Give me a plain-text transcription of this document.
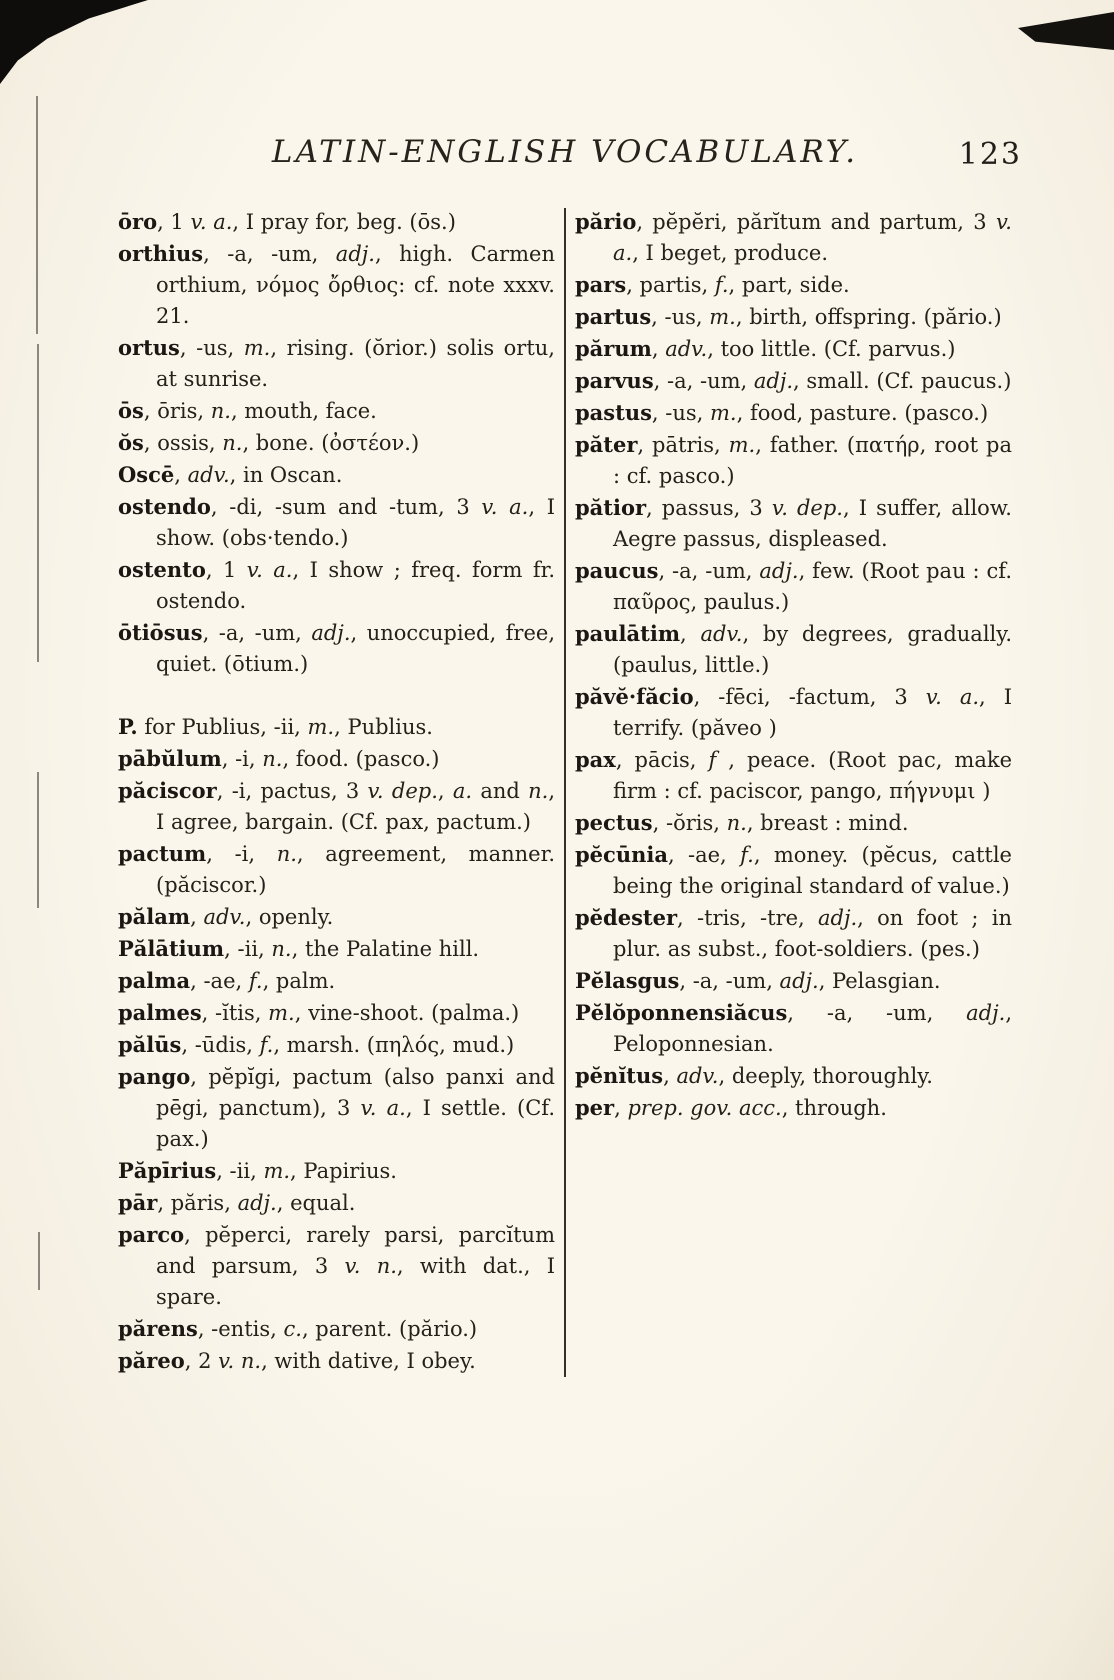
LATIN-ENGLISH VOCABULARY.	123

ōro, 1 v. a., I pray for, beg. (ōs.)

orthius, -a, -um, adj., high. Carmen orthium, νόμος ὄρθιος: cf. note xxxv. 21.

ortus, -us, m., rising. (ŏrior.) solis ortu, at sunrise.

ōs, ōris, n., mouth, face.

ŏs, ossis, n., bone. (ὀστέον.)

Oscē, adv., in Oscan.

ostendo, -di, -sum and -tum, 3 v. a., I show. (obs·tendo.)

ostento, 1 v. a., I show ; freq. form fr. ostendo.

ōtiōsus, -a, -um, adj., unoccupied, free, quiet. (ōtium.)

P. for Publius, -ii, m., Publius.

pābŭlum, -i, n., food. (pasco.)

păciscor, -i, pactus, 3 v. dep., a. and n., I agree, bargain. (Cf. pax, pactum.)

pactum, -i, n., agreement, manner. (păciscor.)

pălam, adv., openly.

Pălātium, -ii, n., the Palatine hill.

palma, -ae, f., palm.

palmes, -ĭtis, m., vine-shoot. (palma.)

pălūs, -ūdis, f., marsh. (πηλός, mud.)

pango, pĕpĭgi, pactum (also panxi and pēgi, panctum), 3 v. a., I settle. (Cf. pax.)

Păpīrius, -ii, m., Papirius.

pār, păris, adj., equal.

parco, pĕperci, rarely parsi, parcĭtum and parsum, 3 v. n., with dat., I spare.

părens, -entis, c., parent. (părio.)

păreo, 2 v. n., with dative, I obey.

părio, pĕpĕri, părĭtum and partum, 3 v. a., I beget, produce.

pars, partis, f., part, side.

partus, -us, m., birth, offspring. (părio.)

părum, adv., too little. (Cf. parvus.)

parvus, -a, -um, adj., small. (Cf. paucus.)

pastus, -us, m., food, pasture. (pasco.)

păter, pātris, m., father. (πατήρ, root pa : cf. pasco.)

pătior, passus, 3 v. dep., I suffer, allow. Aegre passus, displeased.

paucus, -a, -um, adj., few. (Root pau : cf. παῦρος, paulus.)

paulātim, adv., by degrees, gradually. (paulus, little.)

păvĕ·făcio, -fēci, -factum, 3 v. a., I terrify. (păveo )

pax, pācis, f , peace. (Root pac, make firm : cf. paciscor, pango, πήγνυμι )

pectus, -ŏris, n., breast : mind.

pĕcūnia, -ae, f., money. (pĕcus, cattle being the original standard of value.)

pĕdester, -tris, -tre, adj., on foot ; in plur. as subst., foot-soldiers. (pes.)

Pĕlasgus, -a, -um, adj., Pelasgian.

Pĕlŏponnensiăcus, -a, -um, adj., Peloponnesian.

pĕnĭtus, adv., deeply, thoroughly.

per, prep. gov. acc., through.
